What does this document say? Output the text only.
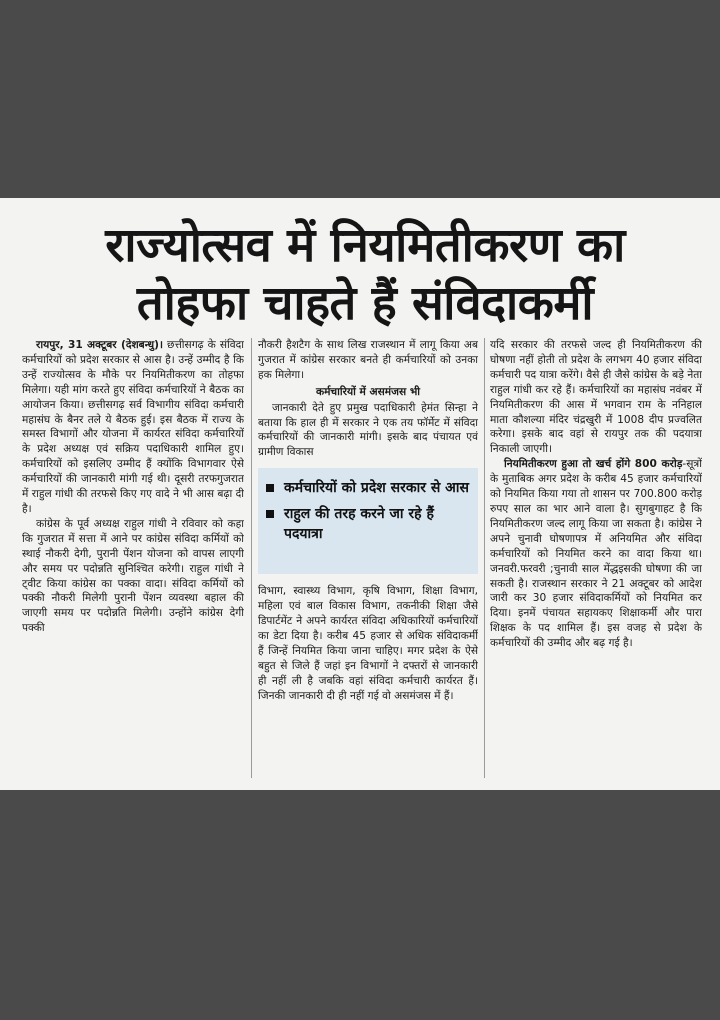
राज्योत्सव में नियमितीकरण का
तोहफा चाहते हैं संविदाकर्मी

रायपुर, 31 अक्टूबर (देशबन्धु)। छत्तीसगढ़ के संविदा कर्मचारियों को प्रदेश सरकार से आस है। उन्हें उम्मीद है कि उन्हें राज्योत्सव के मौके पर नियमितीकरण का तोहफा मिलेगा। यही मांग करते हुए संविदा कर्मचारियों ने बैठक का आयोजन किया। छत्तीसगढ़ सर्व विभागीय संविदा कर्मचारी महासंघ के बैनर तले ये बैठक हुई। इस बैठक में राज्य के समस्त विभागों और योजना में कार्यरत संविदा कर्मचारियों के प्रदेश अध्यक्ष एवं सक्रिय पदाधिकारी शामिल हुए। कर्मचारियों को इसलिए उम्मीद हैं क्योंकि विभागवार ऐसे कर्मचारियों की जानकारी मांगी गई थी। दूसरी तरफगुजरात में राहुल गांधी की तरफसे किए गए वादे ने भी आस बढ़ा दी है।

कांग्रेस के पूर्व अध्यक्ष राहुल गांधी ने रविवार को कहा कि गुजरात में सत्ता में आने पर कांग्रेस संविदा कर्मियों को स्थाई नौकरी देगी, पुरानी पेंशन योजना को वापस लाएगी और समय पर पदोन्नति सुनिश्चित करेगी। राहुल गांधी ने ट्वीट किया कांग्रेस का पक्का वादा। संविदा कर्मियों को पक्की नौकरी मिलेगी पुरानी पेंशन व्यवस्था बहाल की जाएगी समय पर पदोन्नति मिलेगी। उन्होंने कांग्रेस देगी पक्की

नौकरी हैशटैग के साथ लिख राजस्थान में लागू किया अब गुजरात में कांग्रेस सरकार बनते ही कर्मचारियों को उनका हक मिलेगा।

कर्मचारियों में असमंजस भी

जानकारी देते हुए प्रमुख पदाधिकारी हेमंत सिन्हा ने बताया कि हाल ही में सरकार ने एक तय फॉर्मेट में संविदा कर्मचारियों की जानकारी मांगी। इसके बाद पंचायत एवं ग्रामीण विकास

कर्मचारियों को प्रदेश सरकार से आस
राहुल की तरह करने जा रहे हैं पदयात्रा

विभाग, स्वास्थ्य विभाग, कृषि विभाग, शिक्षा विभाग, महिला एवं बाल विकास विभाग, तकनीकी शिक्षा जैसे डिपार्टमेंट ने अपने कार्यरत संविदा अधिकारियों कर्मचारियों का डेटा दिया है। करीब 45 हजार से अधिक संविदाकर्मी हैं जिन्हें नियमित किया जाना चाहिए। मगर प्रदेश के ऐसे बहुत से जिले हैं जहां इन विभागों ने दफ्तरों से जानकारी ही नहीं ली है जबकि वहां संविदा कर्मचारी कार्यरत हैं। जिनकी जानकारी दी ही नहीं गई वो असमंजस में हैं।

यदि सरकार की तरफसे जल्द ही नियमितीकरण की घोषणा नहीं होती तो प्रदेश के लगभग 40 हजार संविदा कर्मचारी पद यात्रा करेंगे। वैसे ही जैसे कांग्रेस के बड़े नेता राहुल गांधी कर रहे हैं। कर्मचारियों का महासंघ नवंबर में नियमितीकरण की आस में भगवान राम के ननिहाल माता कौशल्या मंदिर चंद्रखुरी में 1008 दीप प्रज्वलित करेगा। इसके बाद वहां से रायपुर तक की पदयात्रा निकाली जाएगी।

नियमितीकरण हुआ तो खर्च होंगे 800 करोड़-सूत्रों के मुताबिक अगर प्रदेश के करीब 45 हजार कर्मचारियों को नियमित किया गया तो शासन पर 700.800 करोड़ रुपए साल का भार आने वाला है। सुगबुगाहट है कि नियमितीकरण जल्द लागू किया जा सकता है। कांग्रेस ने अपने चुनावी घोषणापत्र में अनियमित और संविदा कर्मचारियों को नियमित करने का वादा किया था। जनवरी.फरवरी ;चुनावी साल मेंद्धइसकी घोषणा की जा सकती है। राजस्थान सरकार ने 21 अक्टूबर को आदेश जारी कर 30 हजार संविदाकर्मियों को नियमित कर दिया। इनमें पंचायत सहायकए शिक्षाकर्मी और पारा शिक्षक के पद शामिल हैं। इस वजह से प्रदेश के कर्मचारियों की उम्मीद और बढ़ गई है।
